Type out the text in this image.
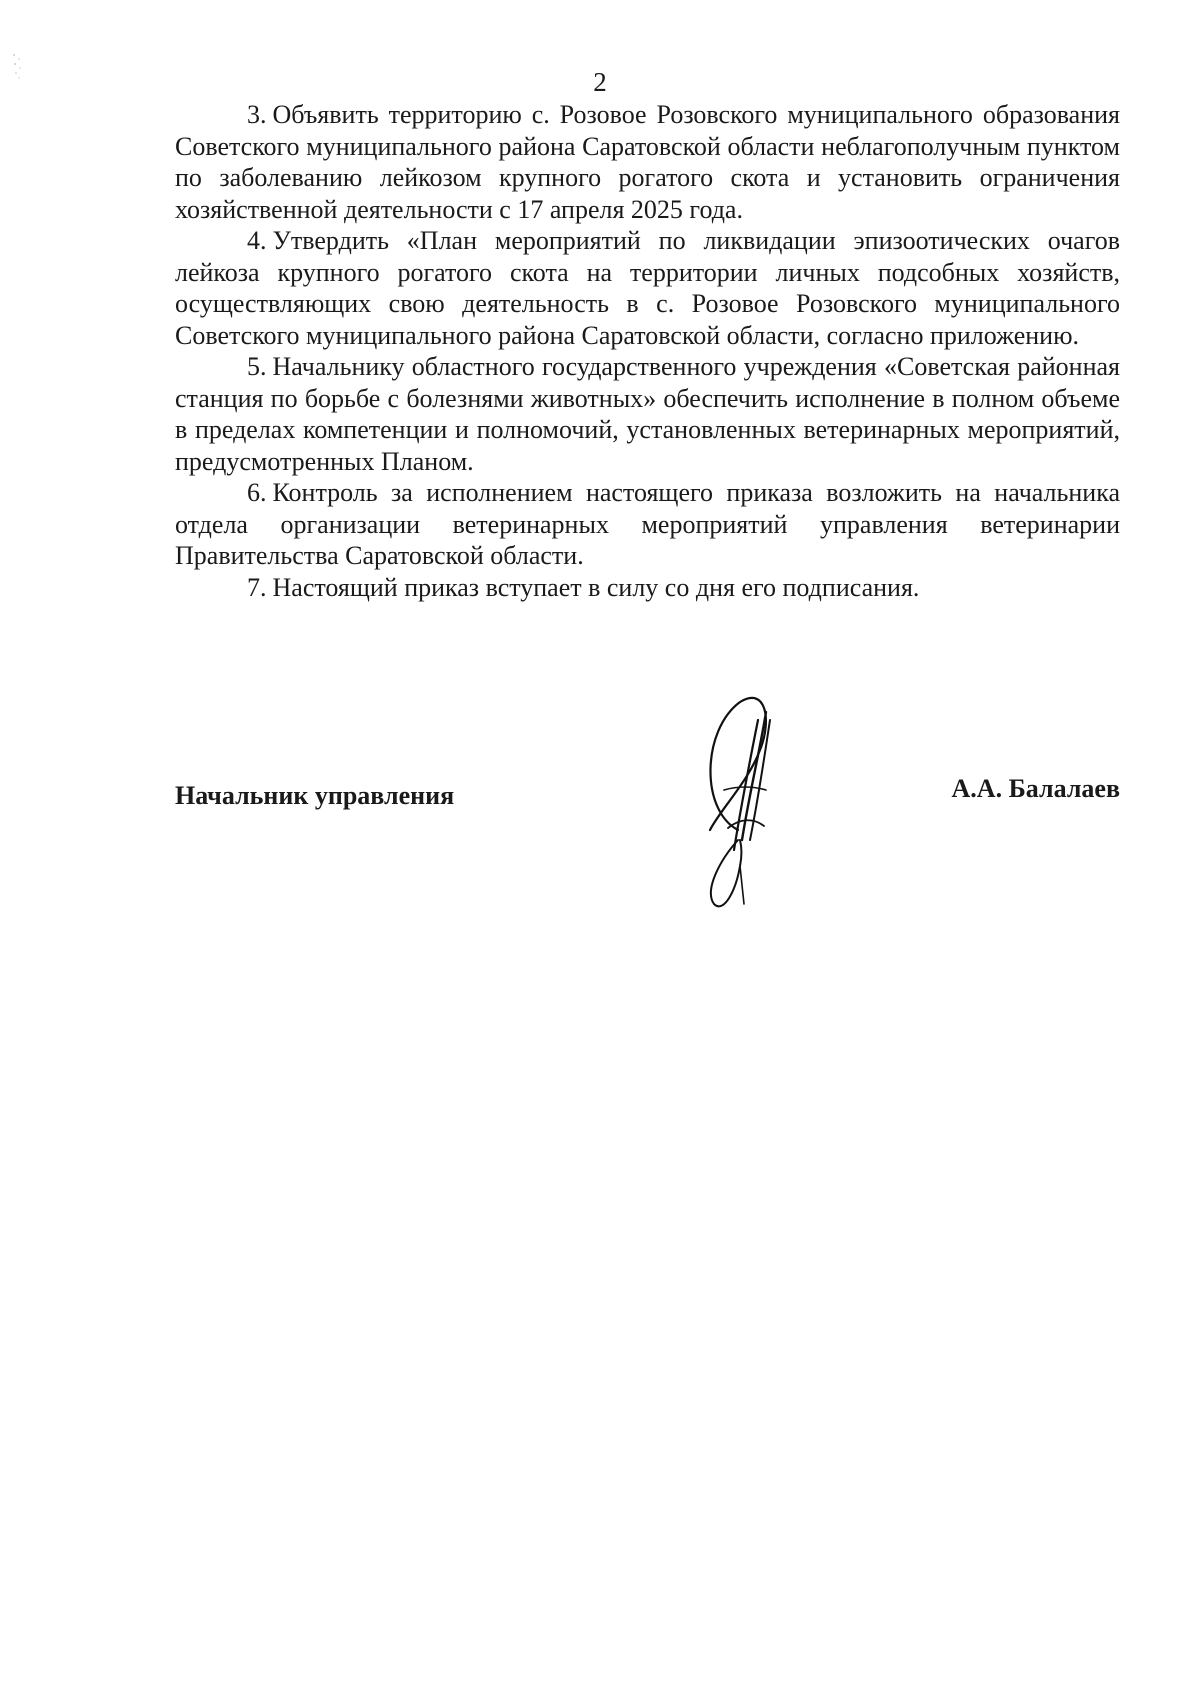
2

3. Объявить территорию с. Розовое Розовского муниципального образования Советского муниципального района Саратовской области неблагополучным пунктом по заболеванию лейкозом крупного рогатого скота и установить ограничения хозяйственной деятельности с 17 апреля 2025 года.

4. Утвердить «План мероприятий по ликвидации эпизоотических очагов лейкоза крупного рогатого скота на территории личных подсобных хозяйств, осуществляющих свою деятельность в с. Розовое Розовского муниципального Советского муниципального района Саратовской области, согласно приложению.

5. Начальнику областного государственного учреждения «Советская районная станция по борьбе с болезнями животных» обеспечить исполнение в полном объеме в пределах компетенции и полномочий, установленных ветеринарных мероприятий, предусмотренных Планом.

6. Контроль за исполнением настоящего приказа возложить на начальника отдела организации ветеринарных мероприятий управления ветеринарии Правительства Саратовской области.

7. Настоящий приказ вступает в силу со дня его подписания.

Начальник управления	А.А. Балалаев
